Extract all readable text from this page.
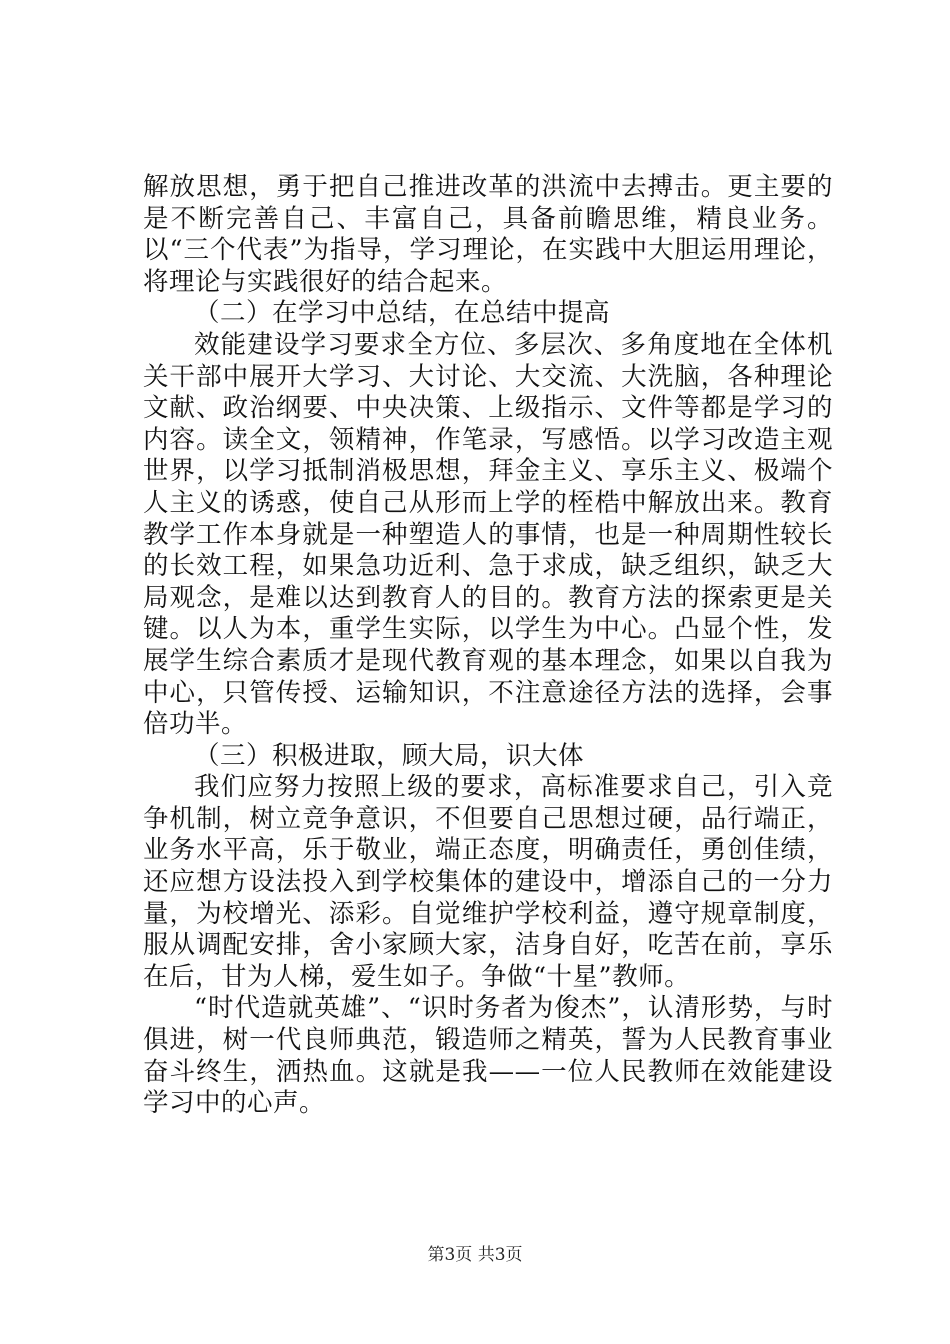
解放思想，勇于把自己推进改革的洪流中去搏击。更主要的是不断完善自己、丰富自己，具备前瞻思维，精良业务。以“三个代表”为指导，学习理论，在实践中大胆运用理论，将理论与实践很好的结合起来。

（二）在学习中总结，在总结中提高

效能建设学习要求全方位、多层次、多角度地在全体机关干部中展开大学习、大讨论、大交流、大洗脑，各种理论文献、政治纲要、中央决策、上级指示、文件等都是学习的内容。读全文，领精神，作笔录，写感悟。以学习改造主观世界，以学习抵制消极思想，拜金主义、享乐主义、极端个人主义的诱惑，使自己从形而上学的桎梏中解放出来。教育教学工作本身就是一种塑造人的事情，也是一种周期性较长的长效工程，如果急功近利、急于求成，缺乏组织，缺乏大局观念，是难以达到教育人的目的。教育方法的探索更是关键。以人为本，重学生实际，以学生为中心。凸显个性，发展学生综合素质才是现代教育观的基本理念，如果以自我为中心，只管传授、运输知识，不注意途径方法的选择，会事倍功半。

（三）积极进取，顾大局，识大体

我们应努力按照上级的要求，高标准要求自己，引入竞争机制，树立竞争意识，不但要自己思想过硬，品行端正，业务水平高，乐于敬业，端正态度，明确责任，勇创佳绩，还应想方设法投入到学校集体的建设中，增添自己的一分力量，为校增光、添彩。自觉维护学校利益，遵守规章制度，服从调配安排，舍小家顾大家，洁身自好，吃苦在前，享乐在后，甘为人梯，爱生如子。争做“十星”教师。

“时代造就英雄”、“识时务者为俊杰”，认清形势，与时俱进，树一代良师典范，锻造师之精英，誓为人民教育事业奋斗终生，洒热血。这就是我——一位人民教师在效能建设学习中的心声。

第3页 共3页
